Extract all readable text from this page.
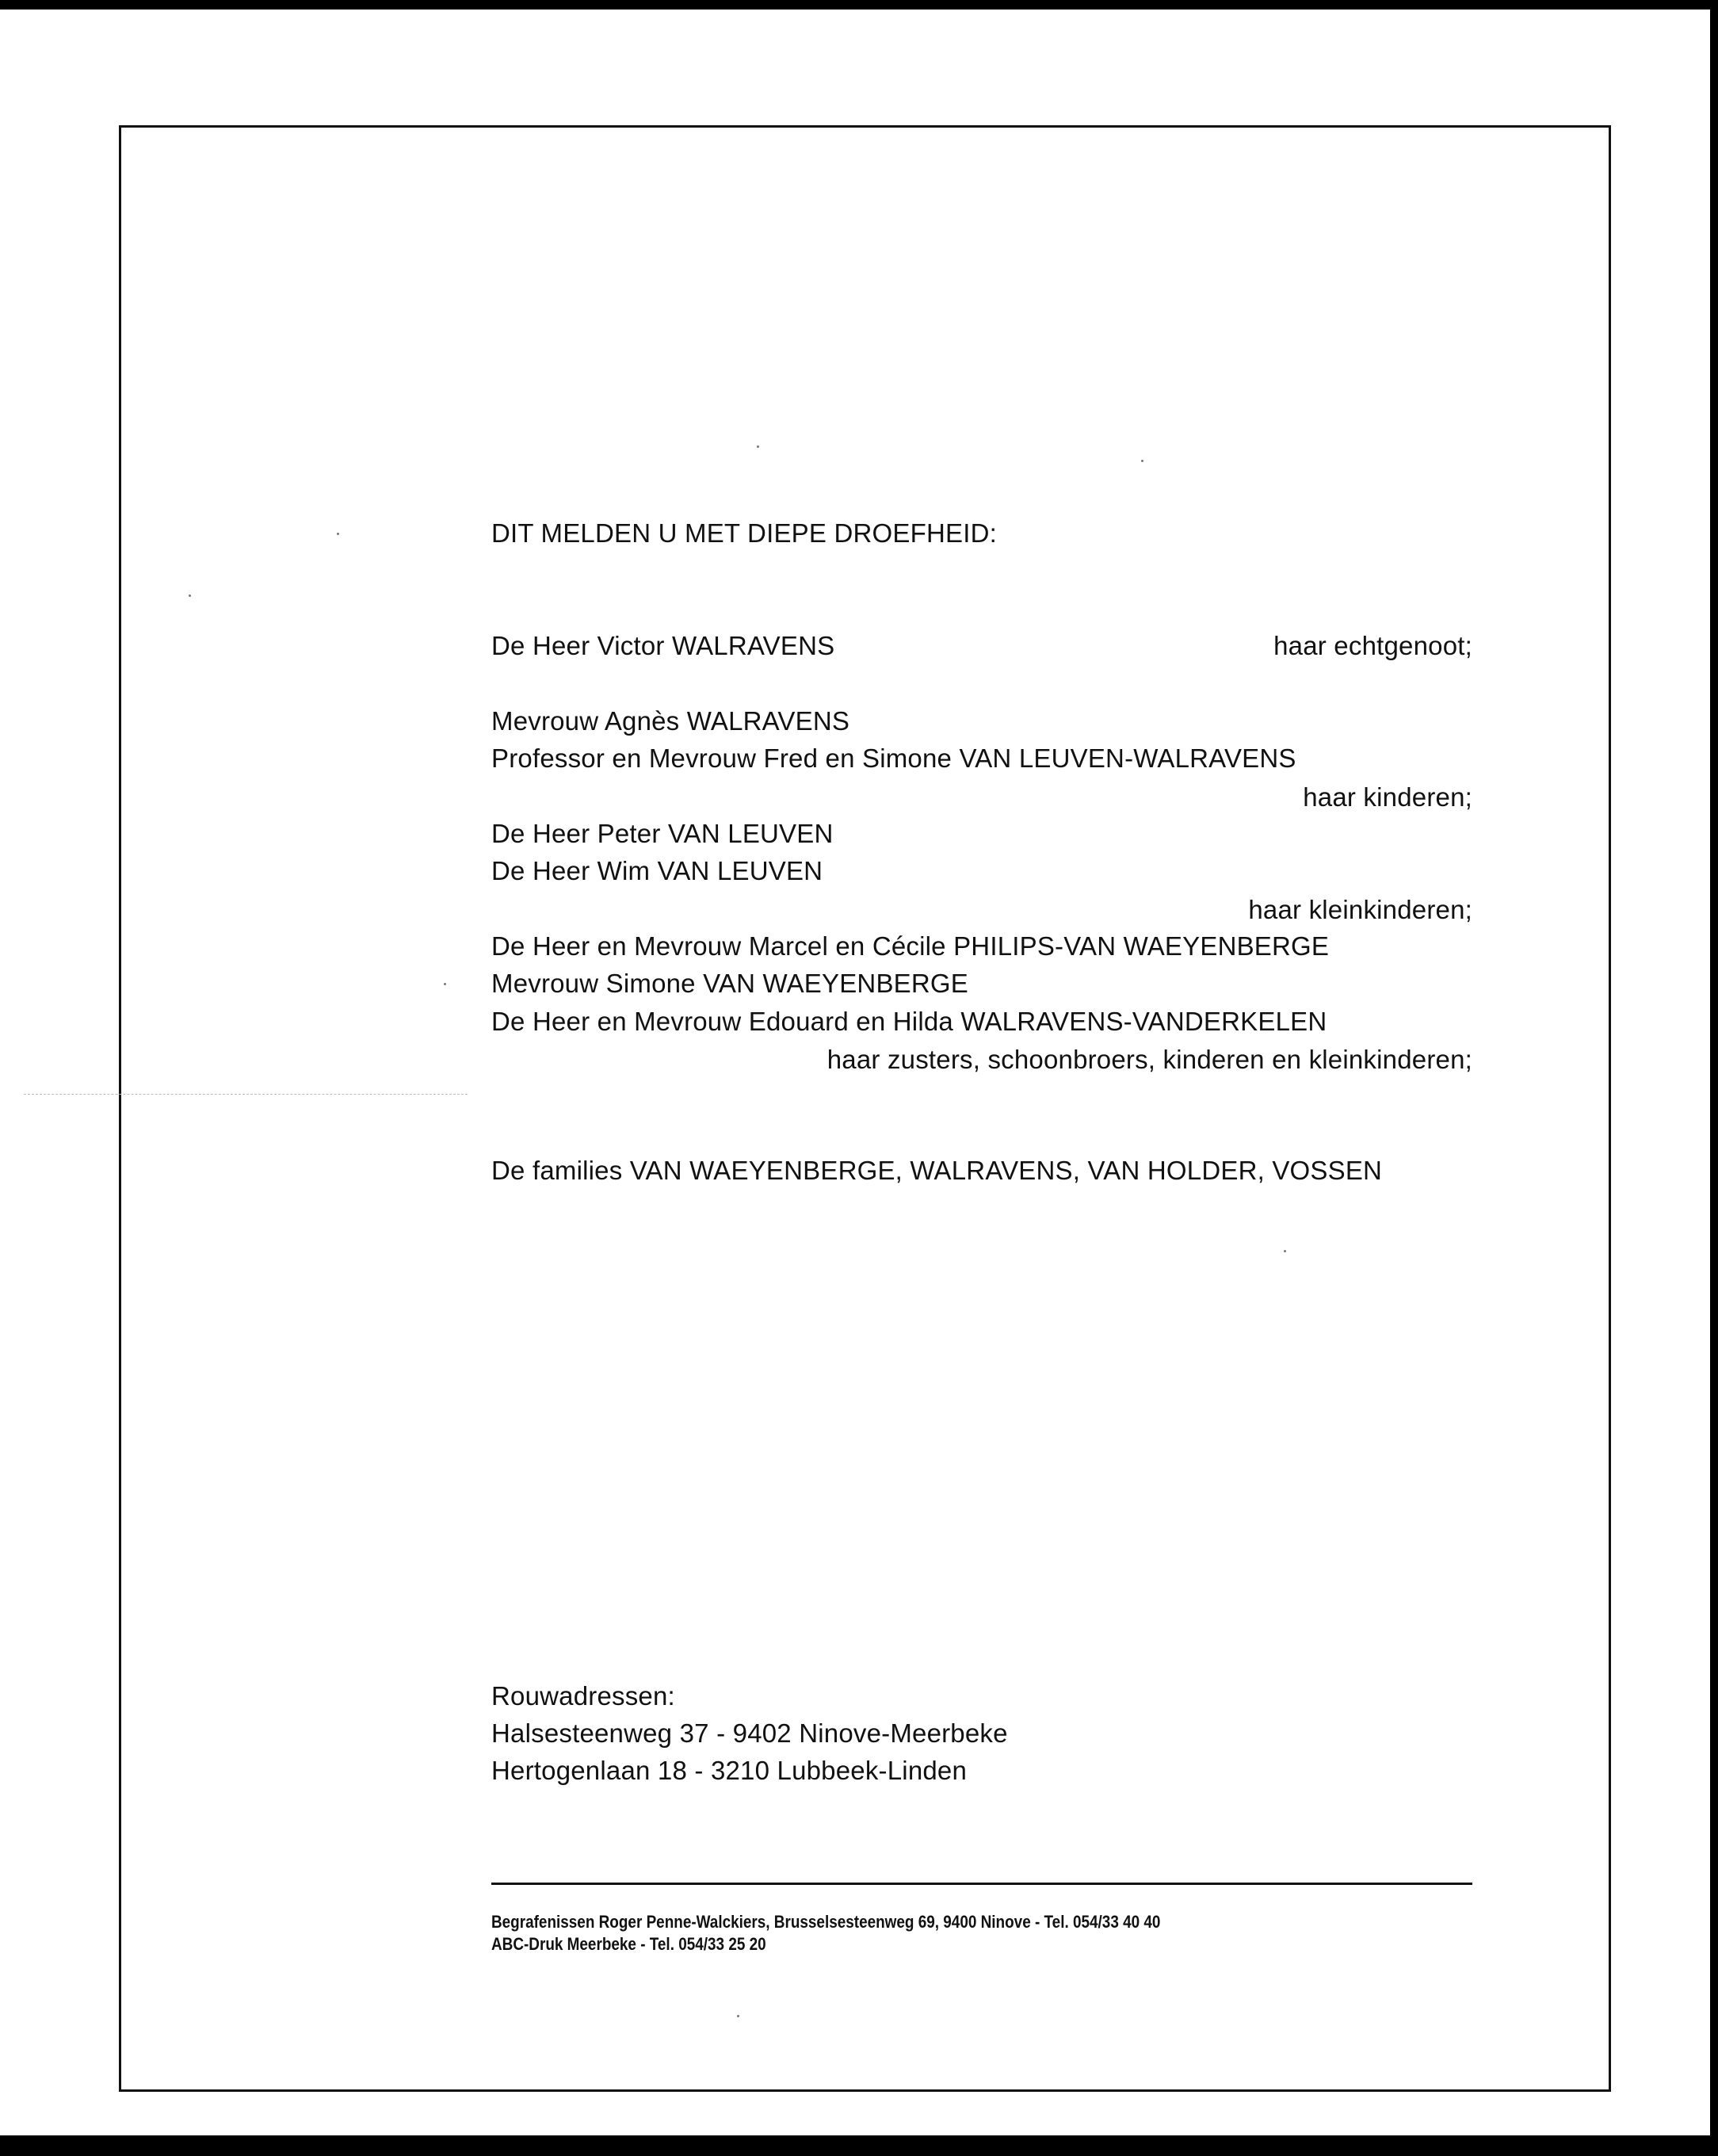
DIT MELDEN U MET DIEPE DROEFHEID:
De Heer Victor WALRAVENS	haar echtgenoot;
Mevrouw Agnès WALRAVENS
Professor en Mevrouw Fred en Simone VAN LEUVEN-WALRAVENS
haar kinderen;
De Heer Peter VAN LEUVEN
De Heer Wim VAN LEUVEN
haar kleinkinderen;
De Heer en Mevrouw Marcel en Cécile PHILIPS-VAN WAEYENBERGE
Mevrouw Simone VAN WAEYENBERGE
De Heer en Mevrouw Edouard en Hilda WALRAVENS-VANDERKELEN
haar zusters, schoonbroers, kinderen en kleinkinderen;
De families VAN WAEYENBERGE, WALRAVENS, VAN HOLDER, VOSSEN
Rouwadressen:
Halsesteenweg 37 - 9402 Ninove-Meerbeke
Hertogenlaan 18 - 3210 Lubbeek-Linden
Begrafenissen Roger Penne-Walckiers, Brusselsesteenweg 69, 9400 Ninove - Tel. 054/33 40 40
ABC-Druk Meerbeke - Tel. 054/33 25 20
